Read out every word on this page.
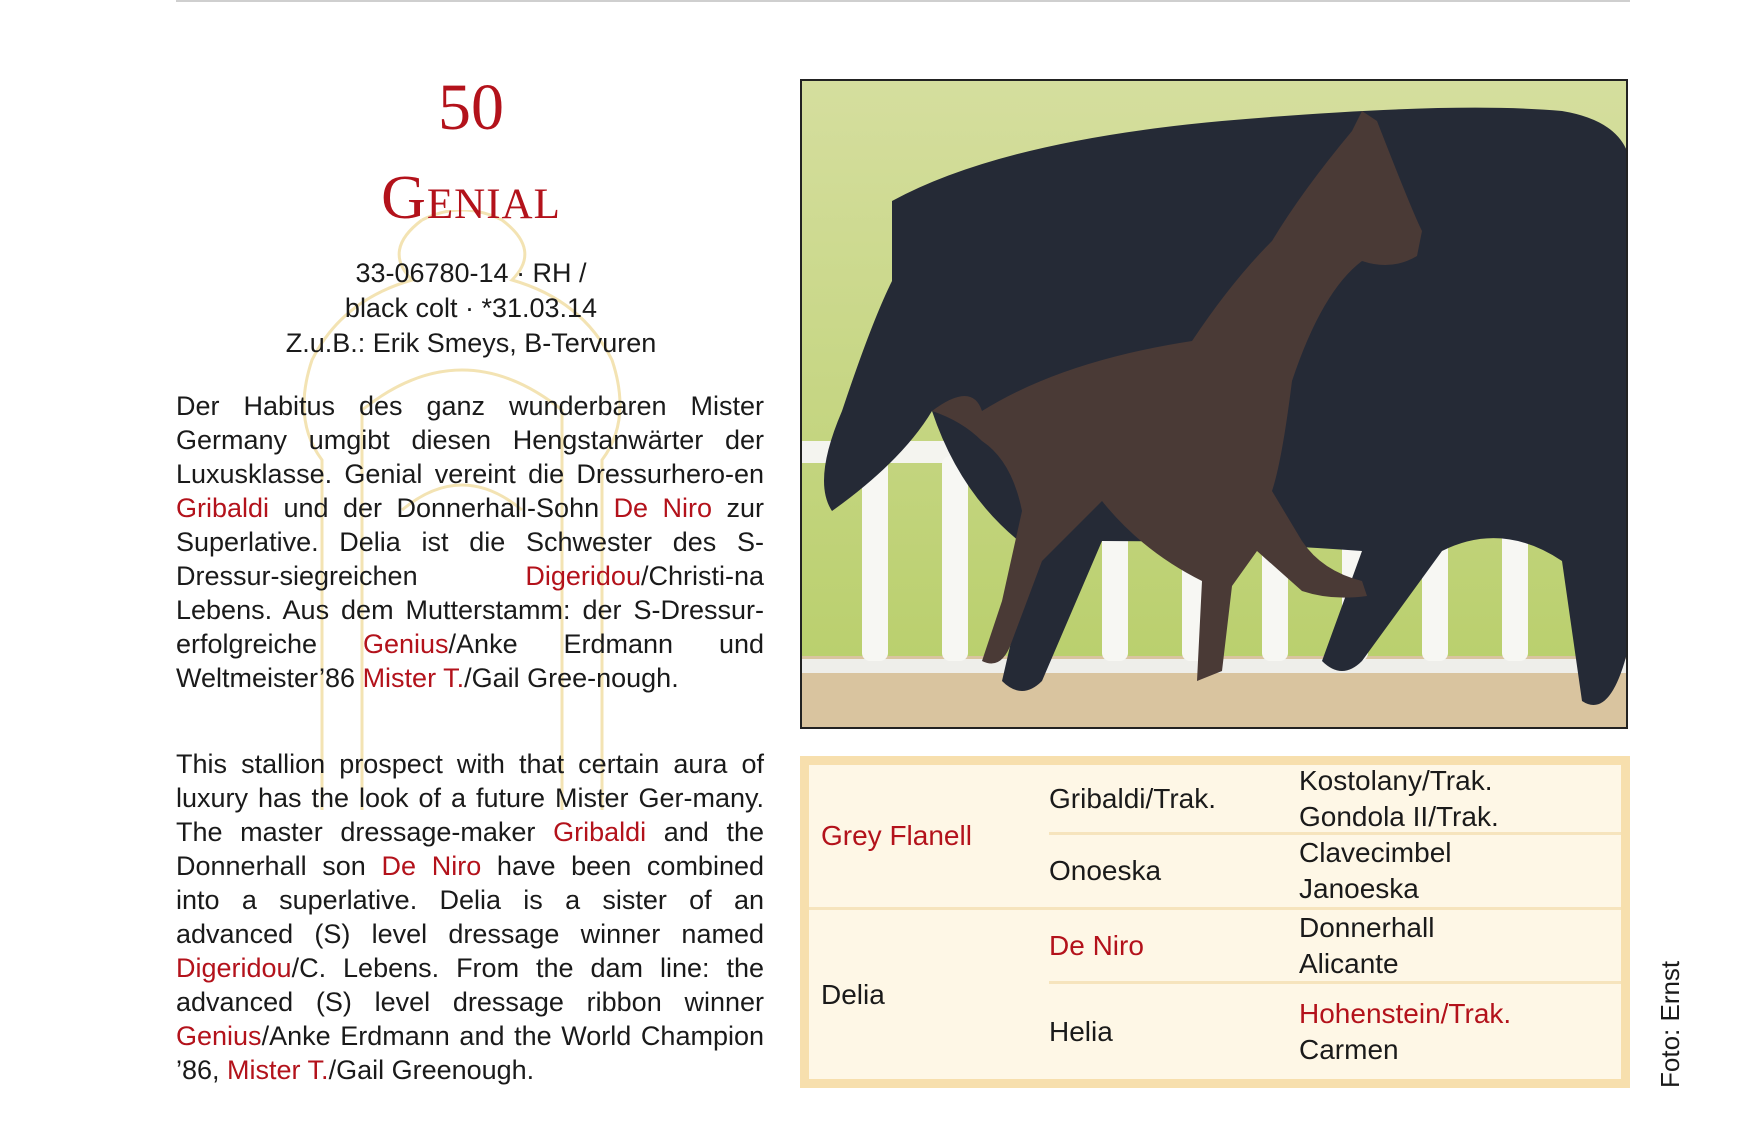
50
Genial
33-06780-14 · RH /
black colt · *31.03.14
Z.u.B.: Erik Smeys, B-Tervuren
Der Habitus des ganz wunderbaren Mister Germany umgibt diesen Hengstanwärter der Luxusklasse. Genial vereint die Dressurhero-en Gribaldi und der Donnerhall-Sohn De Niro zur Superlative. Delia ist die Schwester des S-Dressur-siegreichen Digeridou/Christi-na Lebens. Aus dem Mutterstamm: der S-Dressur-erfolgreiche Genius/Anke Erdmann und Weltmeister’86 Mister T./Gail Gree-nough.
This stallion prospect with that certain aura of luxury has the look of a future Mister Ger-many. The master dressage-maker Gribaldi and the Donnerhall son De Niro have been combined into a superlative. Delia is a sister of an advanced (S) level dressage winner named Digeridou/C. Lebens. From the dam line: the advanced (S) level dressage ribbon winner Genius/Anke Erdmann and the World Champion ’86, Mister T./Gail Greenough.
Grey Flanell
Delia
Gribaldi/Trak.
Onoeska
De Niro
Helia
Kostolany/Trak.
Gondola II/Trak.
Clavecimbel
Janoeska
Donnerhall
Alicante
Hohenstein/Trak.
Carmen	Foto: Ernst
